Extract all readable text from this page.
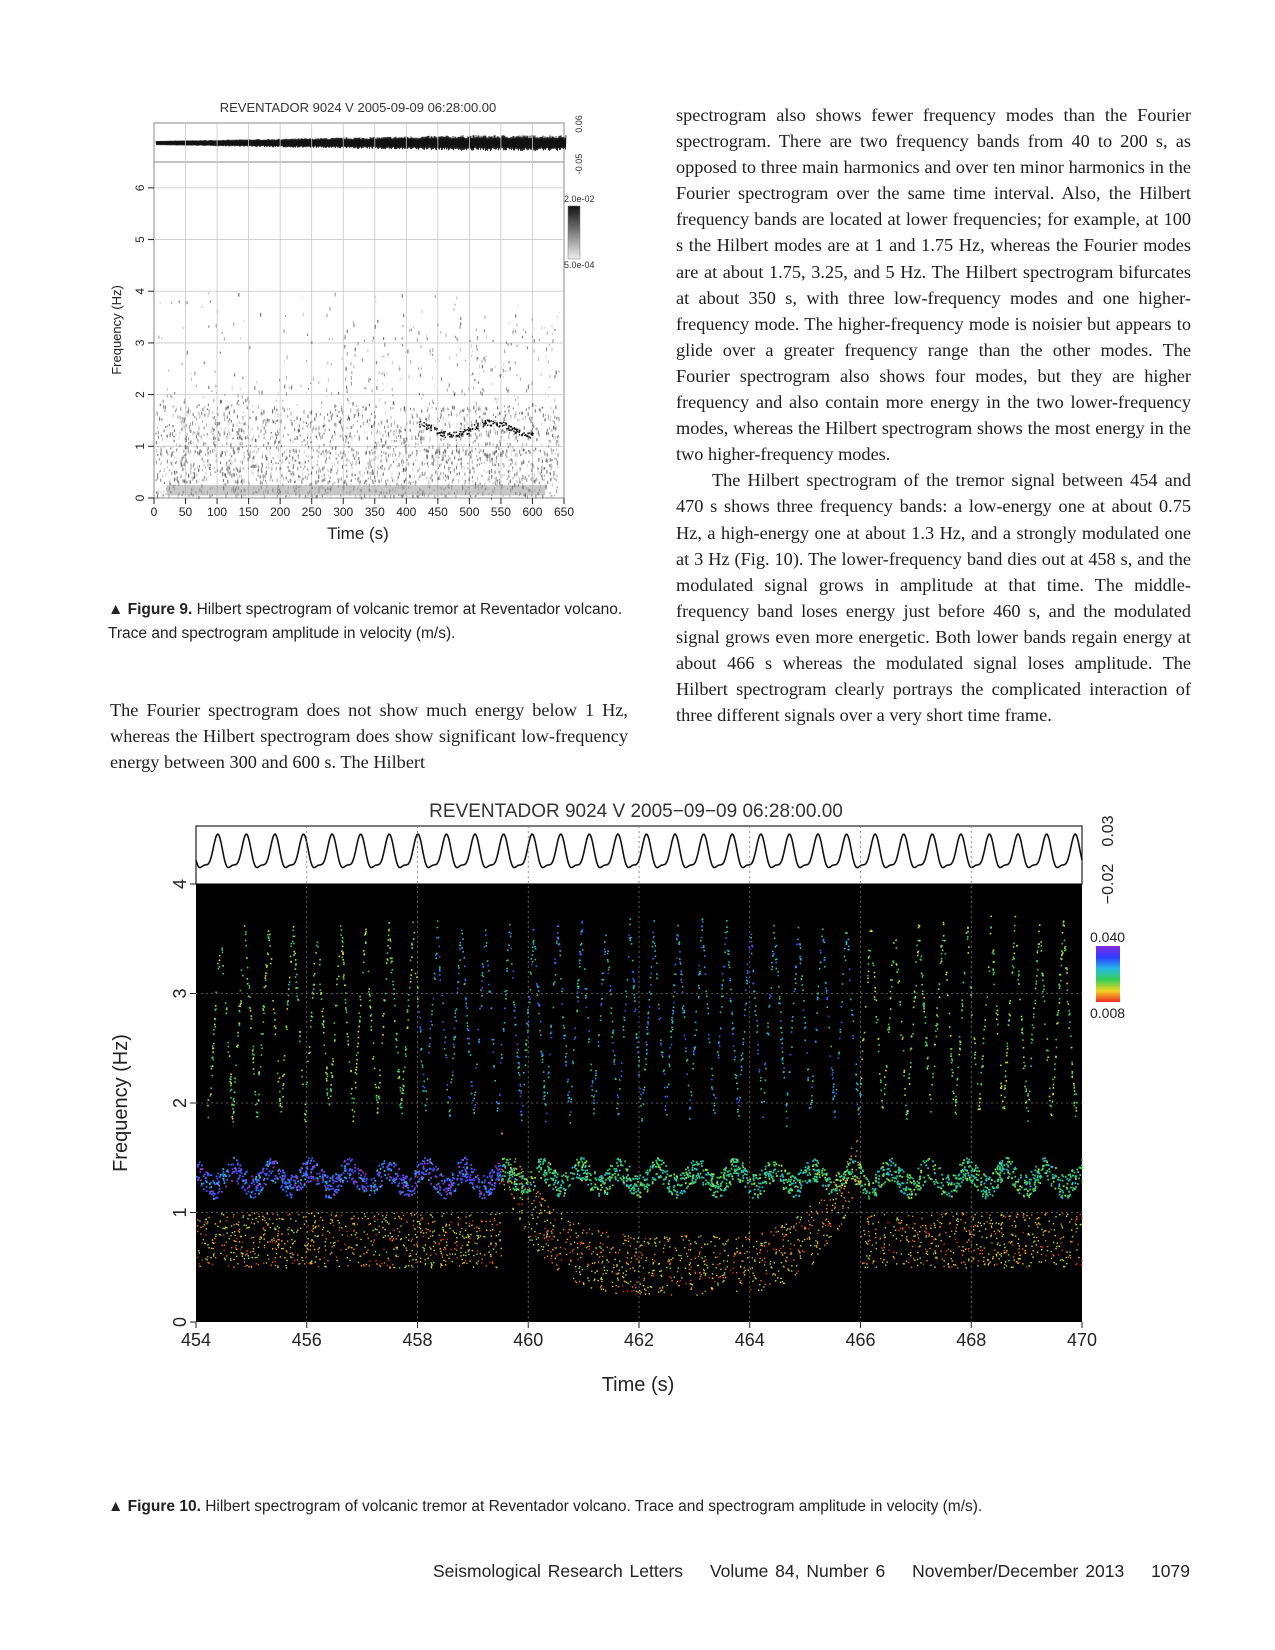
REVENTADOR 9024 V 2005-09-09 06:28:00.00
0 50 100 150 200 250 300 350 400 450 500 550 600 650
0
1
2
3
4
5
6
Time (s)
Frequency (Hz)
0.06
-0.05
2.0e-02
5.0e-04
▲ Figure 9. Hilbert spectrogram of volcanic tremor at Reventador volcano. Trace and spectrogram amplitude in velocity (m/s).

The Fourier spectrogram does not show much energy below 1 Hz, whereas the Hilbert spectrogram does show significant low-frequency energy between 300 and 600 s. The Hilbert

spectrogram also shows fewer frequency modes than the Fourier spectrogram. There are two frequency bands from 40 to 200 s, as opposed to three main harmonics and over ten minor harmonics in the Fourier spectrogram over the same time interval. Also, the Hilbert frequency bands are located at lower frequencies; for example, at 100 s the Hilbert modes are at 1 and 1.75 Hz, whereas the Fourier modes are at about 1.75, 3.25, and 5 Hz. The Hilbert spectrogram bifurcates at about 350 s, with three low-frequency modes and one higher-frequency mode. The higher-frequency mode is noisier but appears to glide over a greater frequency range than the other modes. The Fourier spectrogram also shows four modes, but they are higher frequency and also contain more energy in the two lower-frequency modes, whereas the Hilbert spectrogram shows the most energy in the two higher-frequency modes.

The Hilbert spectrogram of the tremor signal between 454 and 470 s shows three frequency bands: a low-energy one at about 0.75 Hz, a high-energy one at about 1.3 Hz, and a strongly modulated one at 3 Hz (Fig. 10). The lower-frequency band dies out at 458 s, and the modulated signal grows in amplitude at that time. The middle-frequency band loses energy just before 460 s, and the modulated signal grows even more energetic. Both lower bands regain energy at about 466 s whereas the modulated signal loses amplitude. The Hilbert spectrogram clearly portrays the complicated interaction of three different signals over a very short time frame.

REVENTADOR 9024 V 2005−09−09 06:28:00.00
454	456	458	460	462	464	466	468	470
0
1
2
3
4
Time (s)
Frequency (Hz)
0.03
−0.02
0.040
0.008
▲ Figure 10. Hilbert spectrogram of volcanic tremor at Reventador volcano. Trace and spectrogram amplitude in velocity (m/s).
Seismological Research Letters Volume 84, Number 6 November/December 2013 1079
